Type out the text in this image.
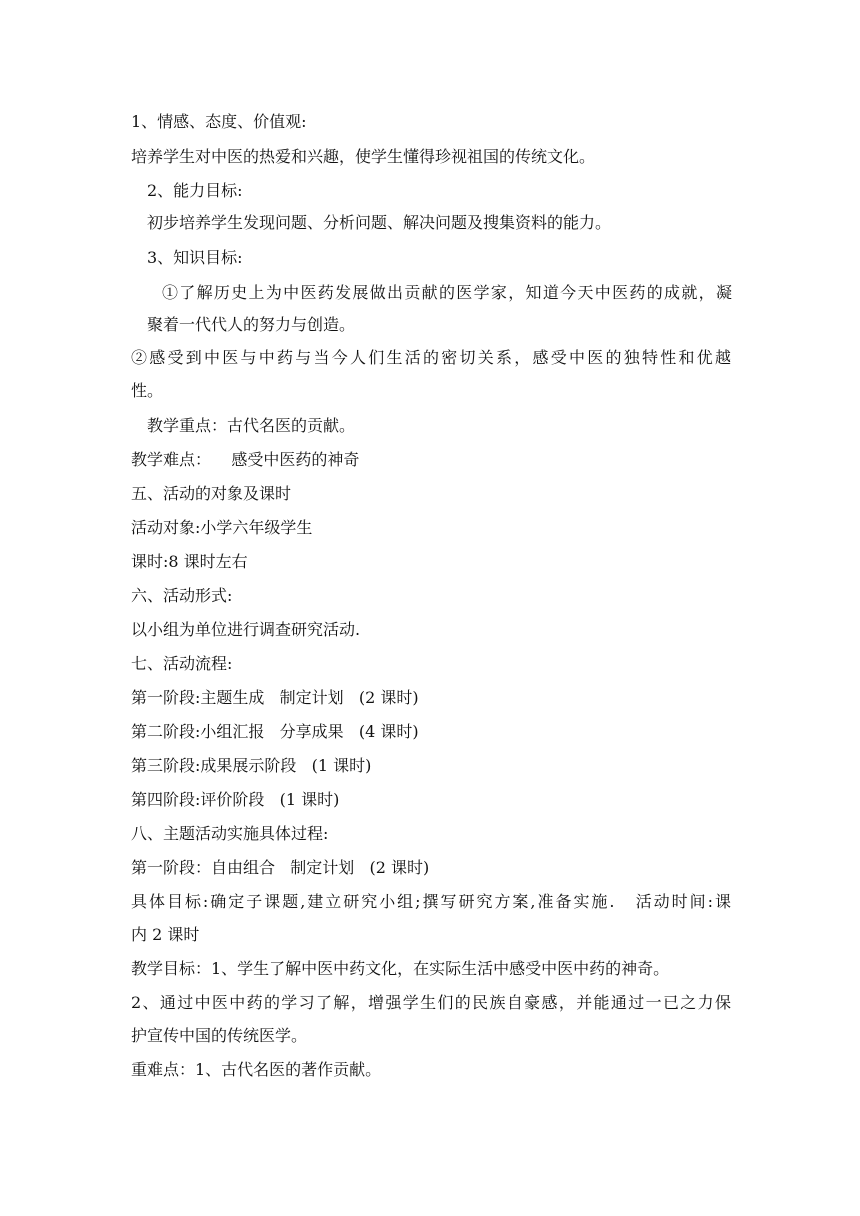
1、情感、态度、价值观:
培养学生对中医的热爱和兴趣，使学生懂得珍视祖国的传统文化。
2、能力目标:
初步培养学生发现问题、分析问题、解决问题及搜集资料的能力。
3、知识目标:
①了解历史上为中医药发展做出贡献的医学家，知道今天中医药的成就，凝
聚着一代代人的努力与创造。
②感受到中医与中药与当今人们生活的密切关系，感受中医的独特性和优越
性。
教学重点：古代名医的贡献。
教学难点：    感受中医药的神奇
五、活动的对象及课时
活动对象:小学六年级学生
课时:8 课时左右
六、活动形式:
以小组为单位进行调查研究活动.
七、活动流程:
第一阶段:主题生成   制定计划   (2 课时)
第二阶段:小组汇报   分享成果   (4 课时)
第三阶段:成果展示阶段   (1 课时)
第四阶段:评价阶段   (1 课时)
八、主题活动实施具体过程:
第一阶段：自由组合   制定计划   (2 课时)
具体目标:确定子课题,建立研究小组;撰写研究方案,准备实施.   活动时间:课
内 2 课时
教学目标：1、学生了解中医中药文化，在实际生活中感受中医中药的神奇。
2、通过中医中药的学习了解，增强学生们的民族自豪感，并能通过一已之力保
护宣传中国的传统医学。
重难点：1、古代名医的著作贡献。
